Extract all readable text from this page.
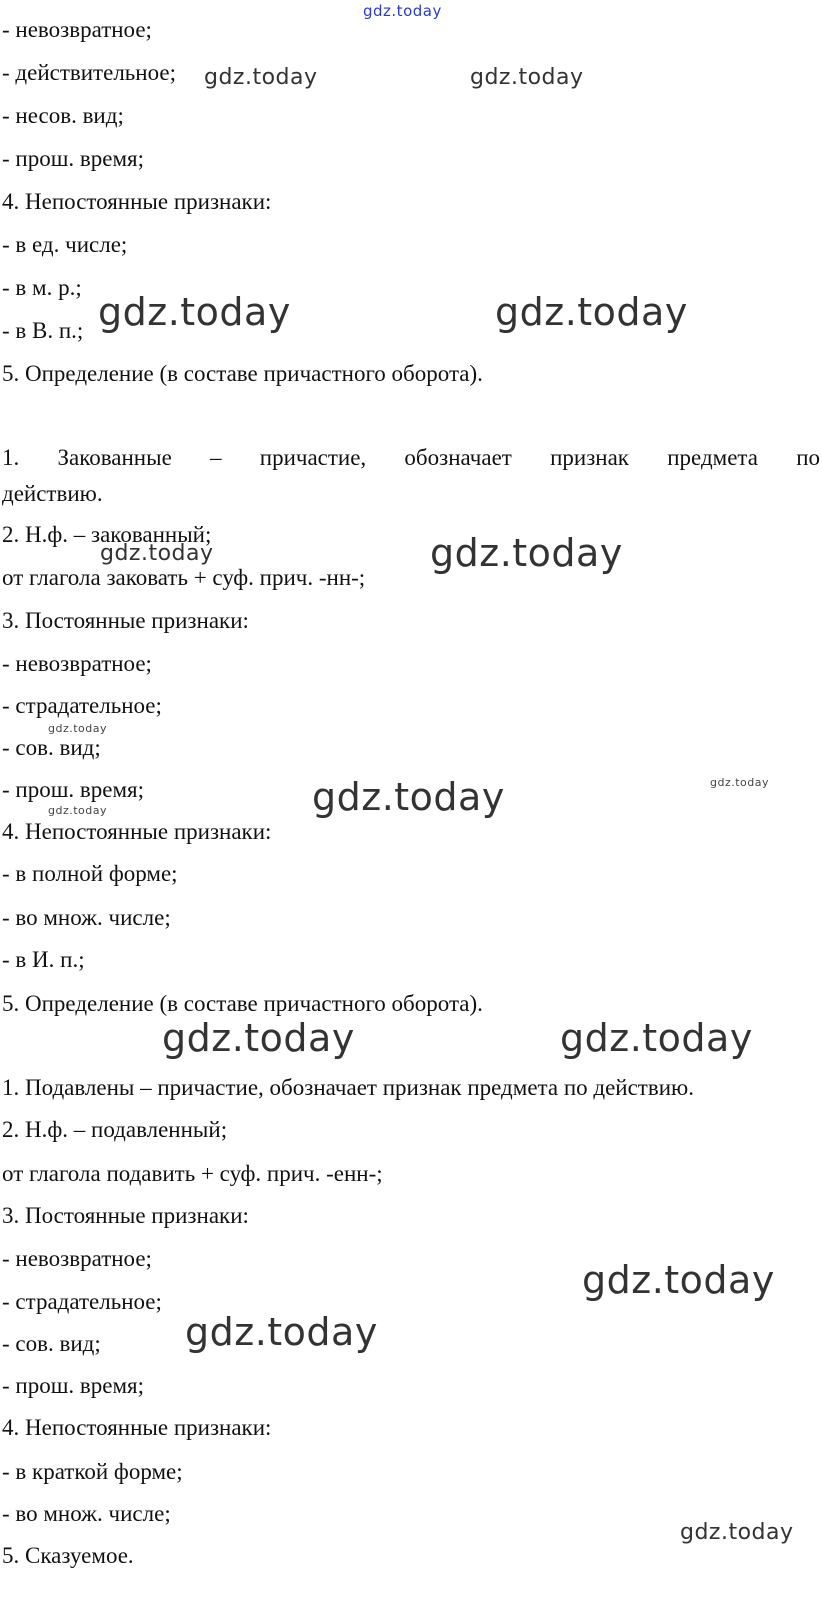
- невозвратное;
- действительное;
- несов. вид;
- прош. время;
4. Непостоянные признаки:
- в ед. числе;
- в м. р.;
- в В. п.;
5. Определение (в составе причастного оборота).
1. Закованные – причастие, обозначает признак предмета по
действию.
2. Н.ф. – закованный;
от глагола заковать + суф. прич. -нн-;
3. Постоянные признаки:
- невозвратное;
- страдательное;
- сов. вид;
- прош. время;
4. Непостоянные признаки:
- в полной форме;
- во множ. числе;
- в И. п.;
5. Определение (в составе причастного оборота).
1. Подавлены – причастие, обозначает признак предмета по действию.
2. Н.ф. – подавленный;
от глагола подавить + суф. прич. -енн-;
3. Постоянные признаки:
- невозвратное;
- страдательное;
- сов. вид;
- прош. время;
4. Непостоянные признаки:
- в краткой форме;
- во множ. числе;
5. Сказуемое.
gdz.today
gdz.today	gdz.today
gdz.today	gdz.today
gdz.today	gdz.today
gdz.today
gdz.today
gdz.today
gdz.today
gdz.today	gdz.today
gdz.today
gdz.today
gdz.today
